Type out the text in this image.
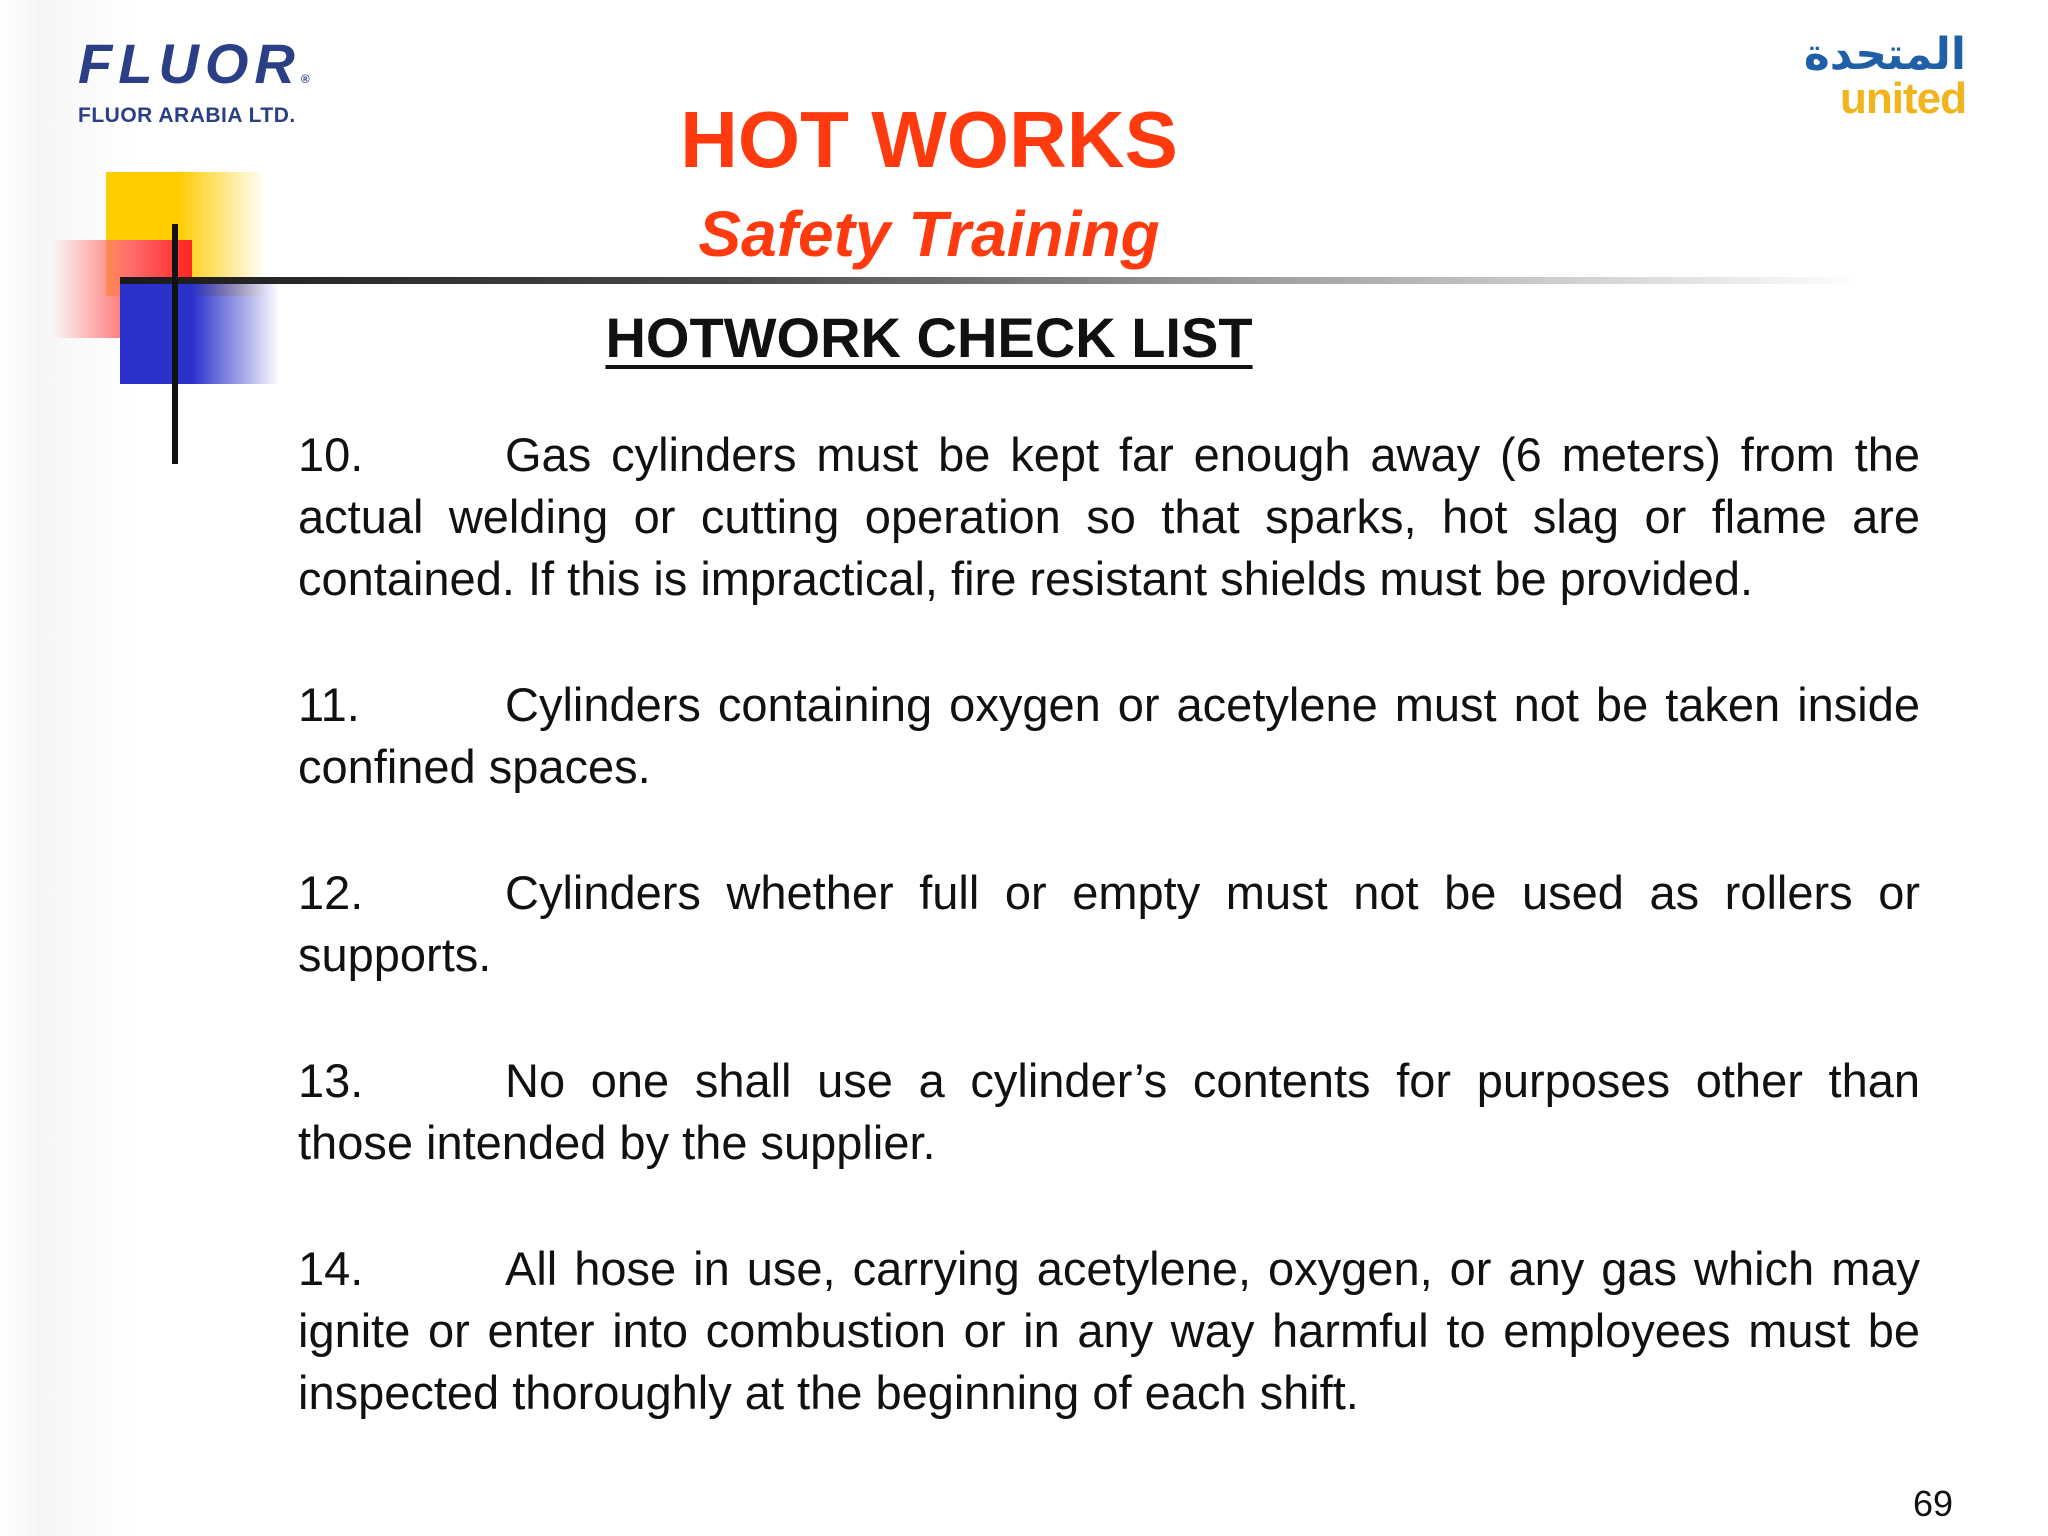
FLUOR®
FLUOR ARABIA LTD.
المتحدة
united
HOT WORKS
Safety Training
HOTWORK CHECK LIST
10.	Gas cylinders must be kept far enough away (6 meters) from the actual welding or cutting operation so that sparks, hot slag or flame are contained. If this is impractical, fire resistant shields must be provided.
11.	Cylinders containing oxygen or acetylene must not be taken inside confined spaces.
12.	Cylinders whether full or empty must not be used as rollers or supports.
13.	No one shall use a cylinder’s contents for purposes other than those intended by the supplier.
14.	All hose in use, carrying acetylene, oxygen, or any gas which may ignite or enter into combustion or in any way harmful to employees must be inspected thoroughly at the beginning of each shift.
69
